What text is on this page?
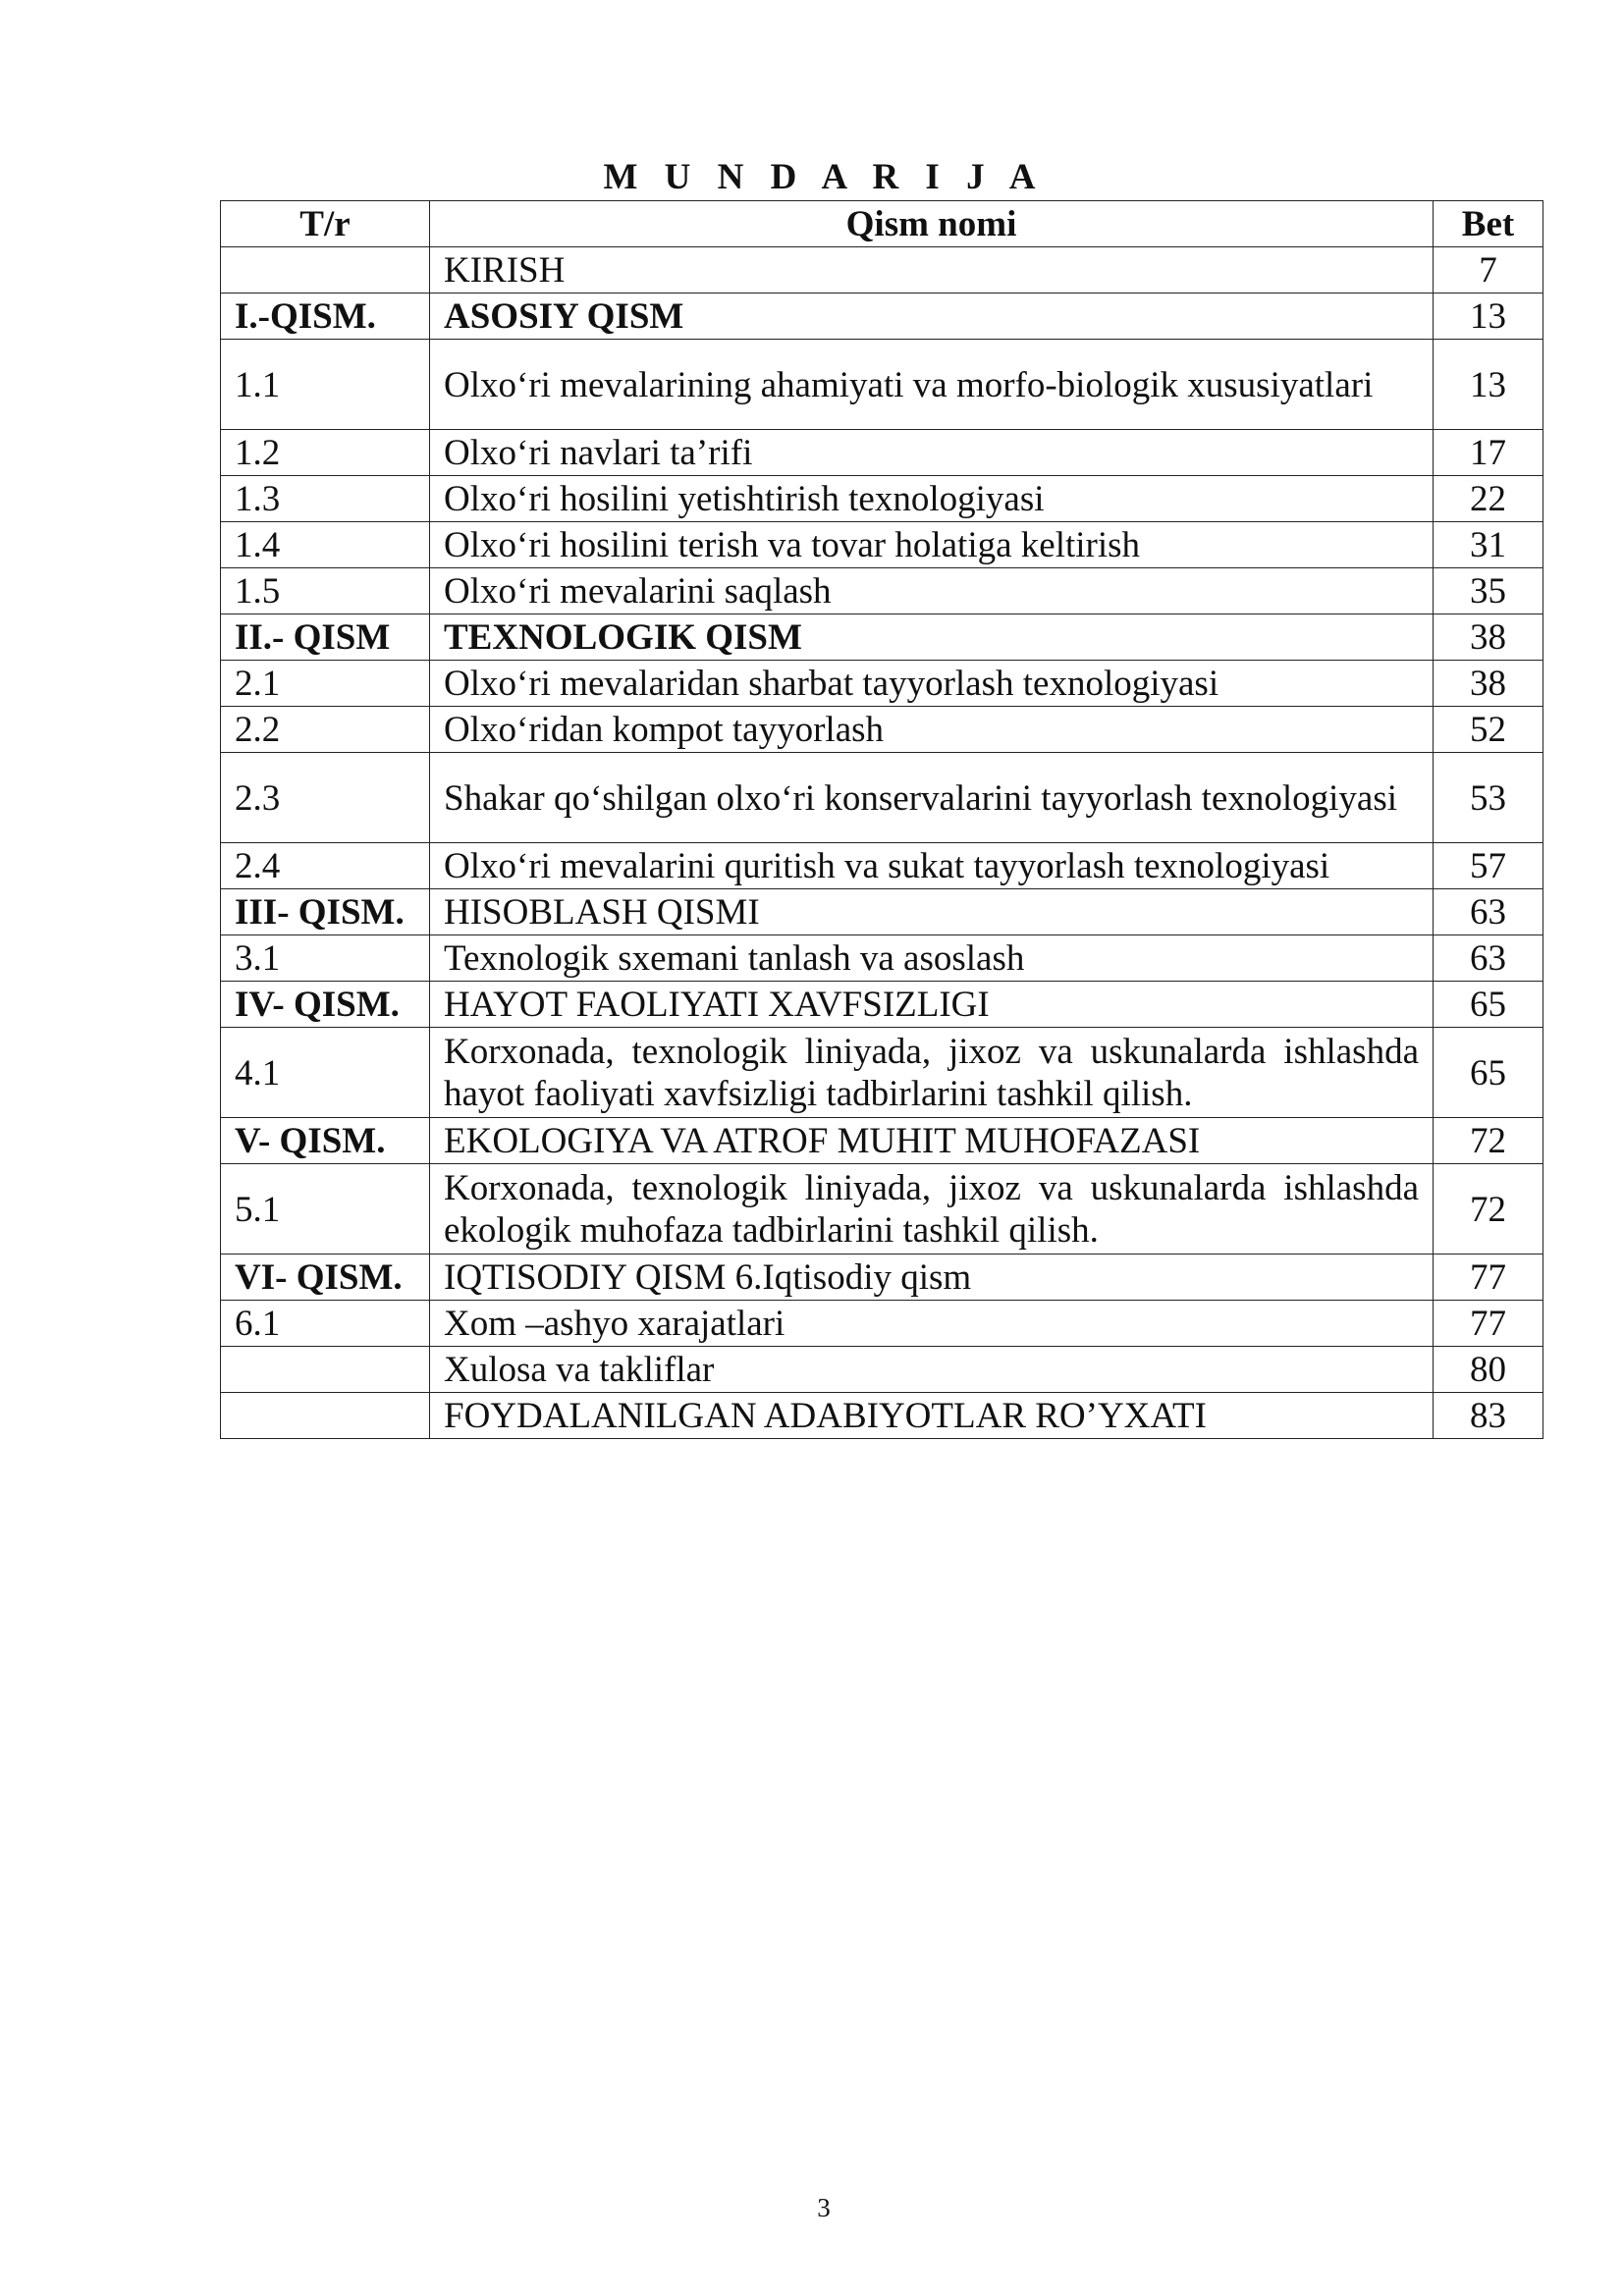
M U N D A R I J A
T/r	Qism nomi	Bet
	KIRISH	7
I.-QISM.	ASOSIY QISM	13
1.1	Olxo‘ri mevalarining ahamiyati va morfo-biologik xususiyatlari	13
1.2	Olxo‘ri navlari ta’rifi	17
1.3	Olxo‘ri hosilini yetishtirish texnologiyasi	22
1.4	Olxo‘ri hosilini terish va tovar holatiga keltirish	31
1.5	Olxo‘ri mevalarini saqlash	35
II.- QISM	TEXNOLOGIK QISM	38
2.1	Olxo‘ri mevalaridan sharbat tayyorlash texnologiyasi	38
2.2	Olxo‘ridan kompot tayyorlash	52
2.3	Shakar qo‘shilgan olxo‘ri konservalarini tayyorlash texnologiyasi	53
2.4	Olxo‘ri mevalarini quritish va sukat tayyorlash texnologiyasi	57
III- QISM.	HISOBLASH QISMI	63
3.1	Texnologik sxemani tanlash va asoslash	63
IV- QISM.	HAYOT FAOLIYATI XAVFSIZLIGI	65
4.1	Korxonada, texnologik liniyada, jixoz va uskunalarda ishlashda hayot faoliyati xavfsizligi tadbirlarini tashkil qilish.	65
V- QISM.	EKOLOGIYA VA ATROF MUHIT MUHOFAZASI	72
5.1	Korxonada, texnologik liniyada, jixoz va uskunalarda ishlashda ekologik muhofaza tadbirlarini tashkil qilish.	72
VI- QISM.	IQTISODIY QISM 6.Iqtisodiy qism	77
6.1	Xom –ashyo xarajatlari	77
	Xulosa va takliflar	80
	FOYDALANILGAN ADABIYOTLAR RO’YXATI	83
3
